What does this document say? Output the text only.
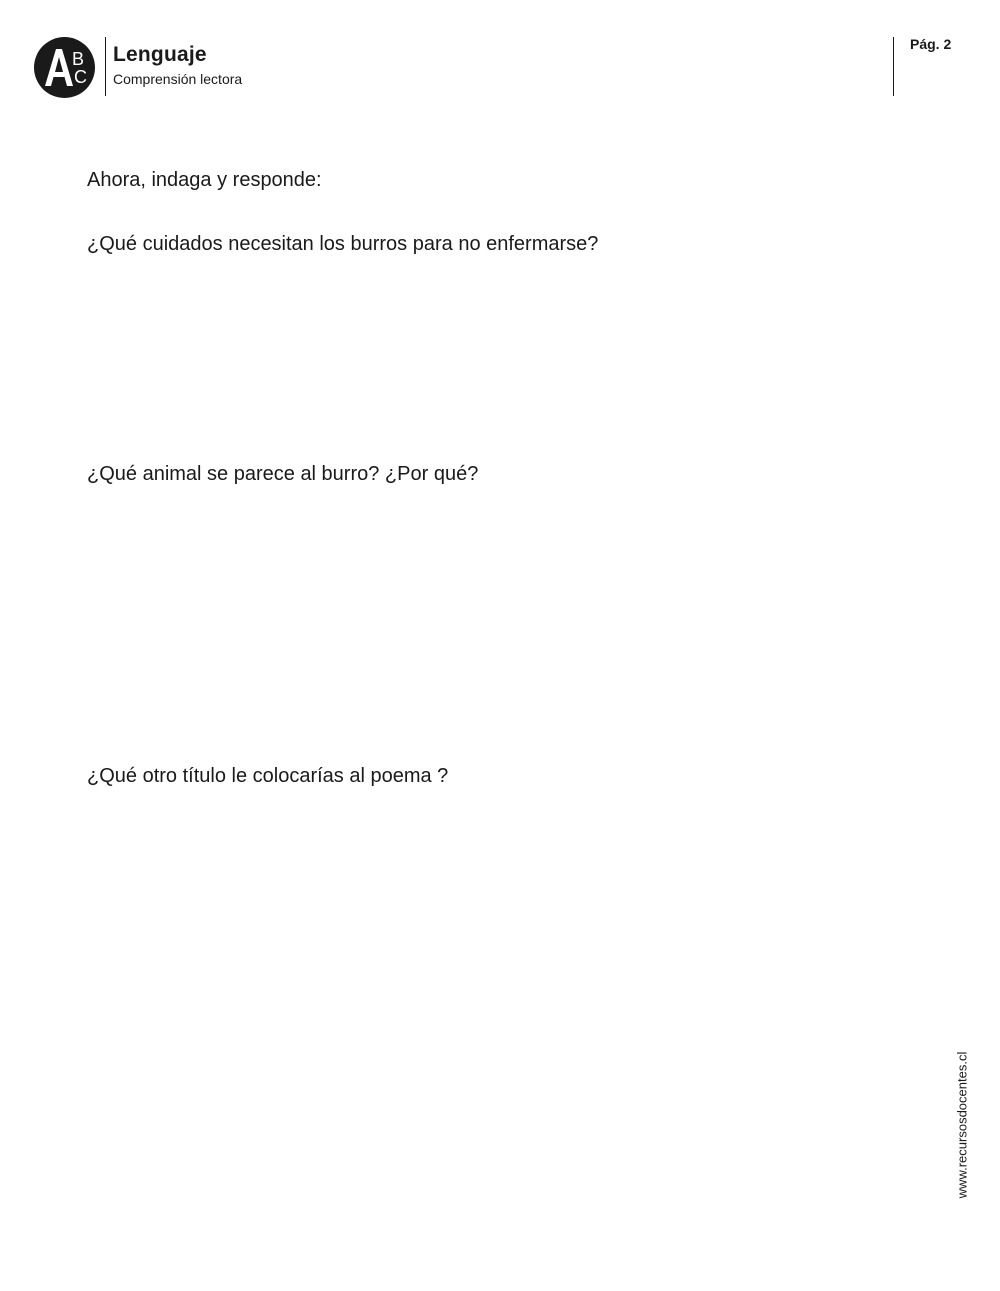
B
C
Lenguaje
Comprensión lectora
Pág. 2
Ahora, indaga y responde:
¿Qué cuidados necesitan los burros para no enfermarse?
¿Qué animal se parece al burro? ¿Por qué?
¿Qué otro título le colocarías al poema ?
www.recursosdocentes.cl
